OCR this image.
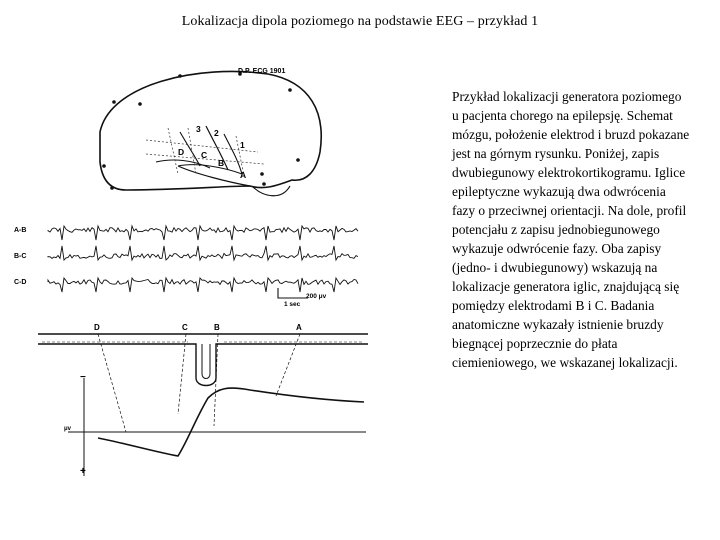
Lokalizacja dipola poziomego na podstawie EEG – przykład 1
D.P. ECG 1901
3 2
1
D C
B
A
A-B
B-C
C-D
200 μv
1 sec
D	C	B	A
−
+
μv

Przykład lokalizacji generatora poziomego u pacjenta chorego na epilepsję. Schemat mózgu, położenie elektrod i bruzd pokazane jest na górnym rysunku. Poniżej, zapis dwubiegunowy elektrokortikogramu. Iglice epileptyczne wykazują dwa odwrócenia fazy o przeciwnej orientacji. Na dole, profil potencjału z zapisu jednobiegunowego wykazuje odwrócenie fazy. Oba zapisy (jedno- i dwubiegunowy) wskazują na lokalizacje generatora iglic, znajdującą się pomiędzy elektrodami B i C. Badania anatomiczne wykazały istnienie bruzdy biegnącej poprzecznie do płata ciemieniowego, we wskazanej lokalizacji.
